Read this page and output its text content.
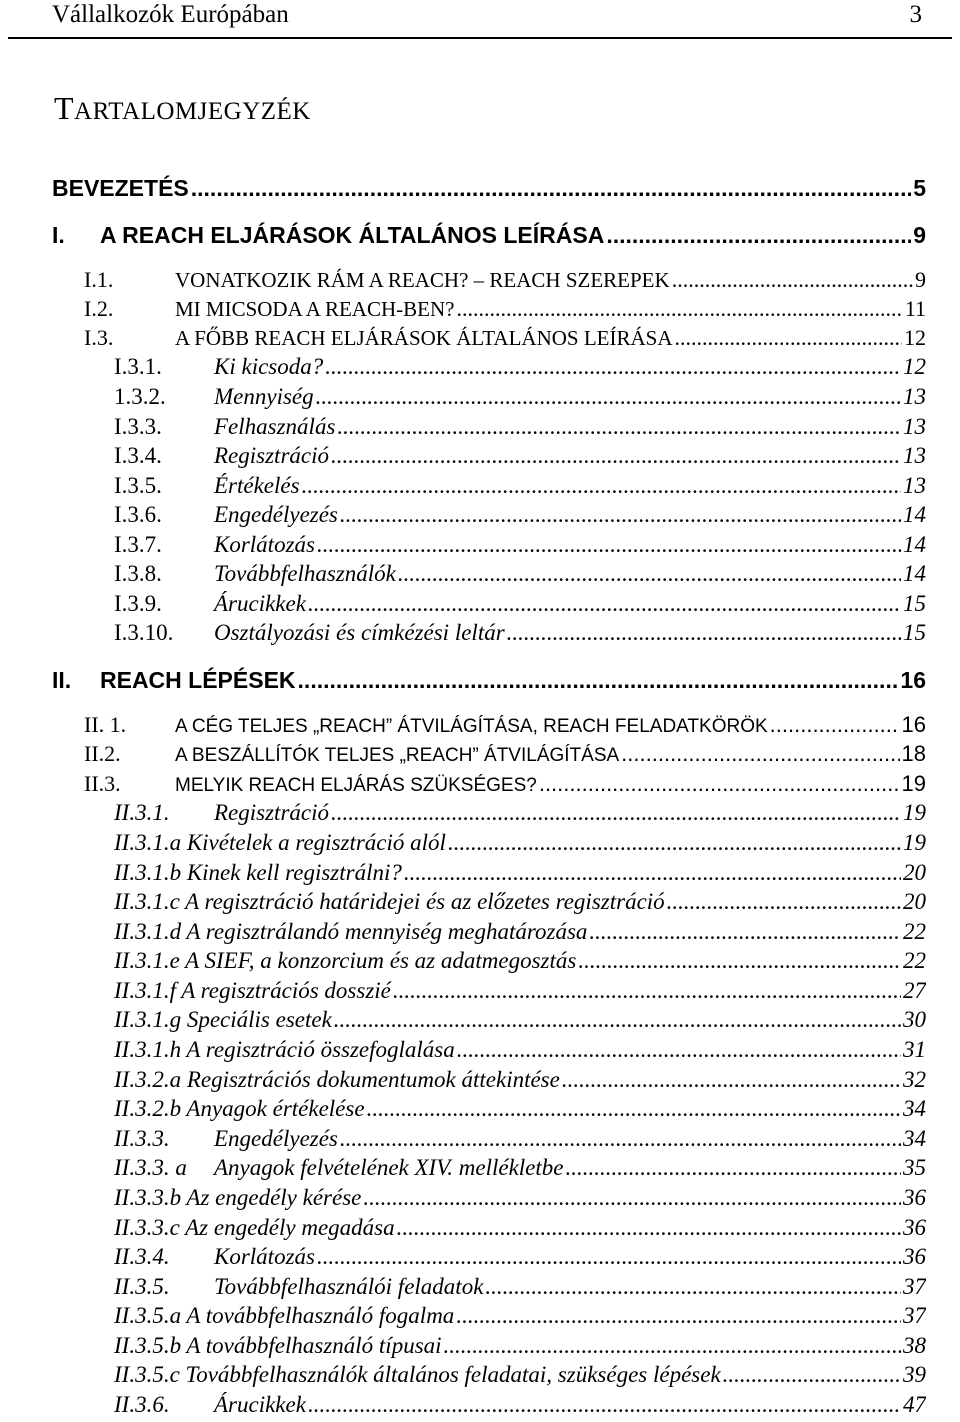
Vállalkozók Európában	3
TARTALOMJEGYZÉK
BEVEZETÉS .....	5
I.	A REACH ELJÁRÁSOK ÁLTALÁNOS LEÍRÁSA .....	9
I.1.	VONATKOZIK RÁM A REACH? – REACH SZEREPEK .....	9
I.2.	MI MICSODA A REACH-BEN? .....	11
I.3.	A FŐBB REACH ELJÁRÁSOK ÁLTALÁNOS LEÍRÁSA .....	12
I.3.1.	Ki kicsoda? .....	12
1.3.2.	Mennyiség .....	13
I.3.3.	Felhasználás .....	13
I.3.4.	Regisztráció .....	13
I.3.5.	Értékelés .....	13
I.3.6.	Engedélyezés .....	14
I.3.7.	Korlátozás .....	14
I.3.8.	Továbbfelhasználók .....	14
I.3.9.	Árucikkek .....	15
I.3.10.	Osztályozási és címkézési leltár .....	15
II.	REACH LÉPÉSEK .....	16
II. 1.	A CÉG TELJES „REACH” ÁTVILÁGÍTÁSA, REACH FELADATKÖRÖK .....	16
II.2.	A BESZÁLLÍTÓK TELJES „REACH” ÁTVILÁGÍTÁSA .....	18
II.3.	MELYIK REACH ELJÁRÁS SZÜKSÉGES? .....	19
II.3.1.	Regisztráció .....	19
II.3.1.a Kivételek a regisztráció alól .....	19
II.3.1.b Kinek kell regisztrálni? .....	20
II.3.1.c A regisztráció határidejei és az előzetes regisztráció .....	20
II.3.1.d A regisztrálandó mennyiség meghatározása .....	22
II.3.1.e A SIEF, a konzorcium és az adatmegosztás .....	22
II.3.1.f A regisztrációs dosszié .....	27
II.3.1.g Speciális esetek .....	30
II.3.1.h A regisztráció összefoglalása .....	31
II.3.2.a Regisztrációs dokumentumok áttekintése .....	32
II.3.2.b Anyagok értékelése .....	34
II.3.3.	Engedélyezés .....	34
II.3.3. a	Anyagok felvételének XIV. mellékletbe .....	35
II.3.3.b Az engedély kérése .....	36
II.3.3.c Az engedély megadása .....	36
II.3.4.	Korlátozás .....	36
II.3.5.	Továbbfelhasználói feladatok .....	37
II.3.5.a A továbbfelhasználó fogalma .....	37
II.3.5.b A továbbfelhasználó típusai .....	38
II.3.5.c Továbbfelhasználók általános feladatai, szükséges lépések .....	39
II.3.6.	Árucikkek .....	47
